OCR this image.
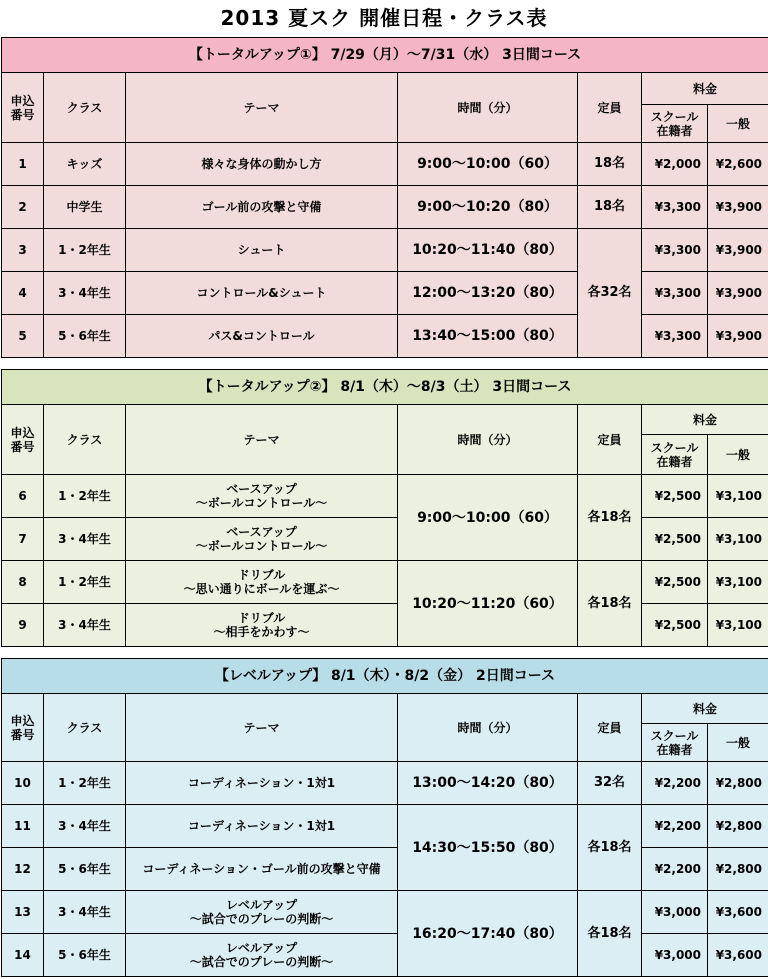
2013 夏スク 開催日程・クラス表
【トータルアップ①】 7/29（月）～7/31（水） 3日間コース						
申込
番号	クラス	テーマ	時間（分）	定員	料金	
					スクール
在籍者	一般
1	キッズ	様々な身体の動かし方	9:00～10:00（60）	18名	¥2,000	¥2,600
2	中学生	ゴール前の攻撃と守備	9:00～10:20（80）	18名	¥3,300	¥3,900
3	1・2年生	シュート	10:20～11:40（80）	各32名	¥3,300	¥3,900
4	3・4年生	コントロール&シュート	12:00～13:20（80）		¥3,300	¥3,900
5	5・6年生	パス&コントロール	13:40～15:00（80）		¥3,300	¥3,900
【トータルアップ②】 8/1（木）～8/3（土） 3日間コース						
申込
番号	クラス	テーマ	時間（分）	定員	料金	
					スクール
在籍者	一般
6	1・2年生	ベースアップ
～ボールコントロール～	9:00～10:00（60）	各18名	¥2,500	¥3,100
7	3・4年生	ベースアップ
～ボールコントロール～			¥2,500	¥3,100
8	1・2年生	ドリブル
～思い通りにボールを運ぶ～	10:20～11:20（60）	各18名	¥2,500	¥3,100
9	3・4年生	ドリブル
～相手をかわす～			¥2,500	¥3,100
【レベルアップ】 8/1（木）・8/2（金） 2日間コース						
申込
番号	クラス	テーマ	時間（分）	定員	料金	
					スクール
在籍者	一般
10	1・2年生	コーディネーション・1対1	13:00～14:20（80）	32名	¥2,200	¥2,800
11	3・4年生	コーディネーション・1対1	14:30～15:50（80）	各18名	¥2,200	¥2,800
12	5・6年生	コーディネーション・ゴール前の攻撃と守備			¥2,200	¥2,800
13	3・4年生	レベルアップ
～試合でのプレーの判断～	16:20～17:40（80）	各18名	¥3,000	¥3,600
14	5・6年生	レベルアップ
～試合でのプレーの判断～			¥3,000	¥3,600
